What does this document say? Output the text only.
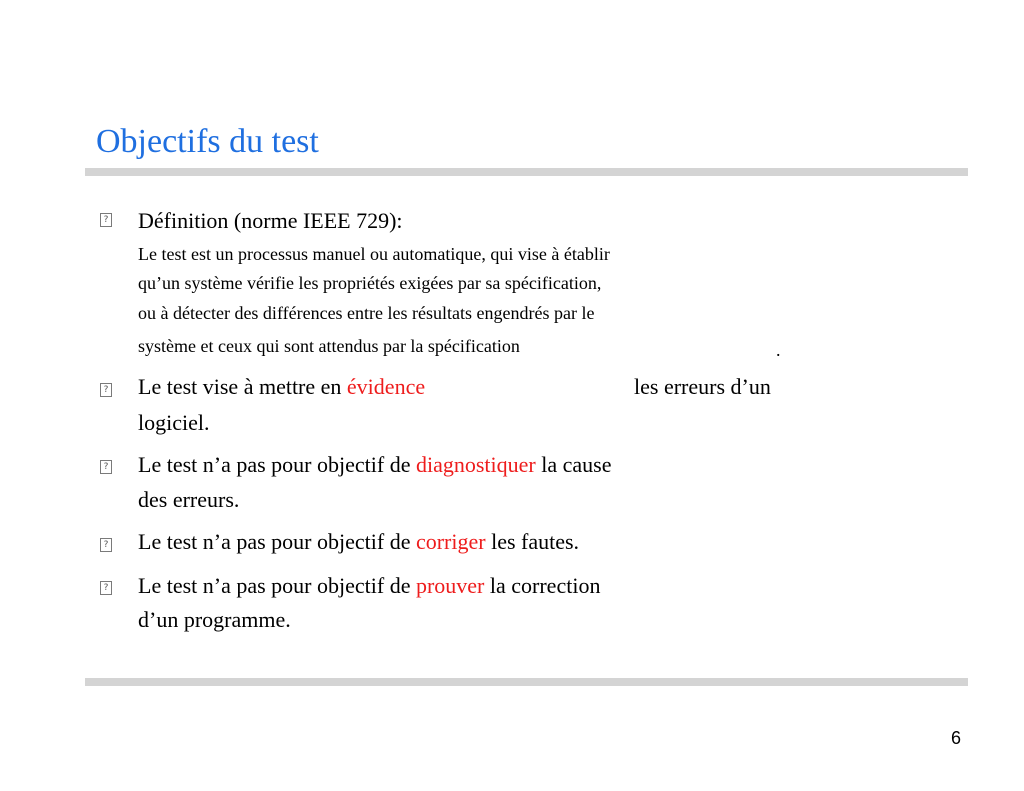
Objectifs du test
? Définition (norme IEEE 729):
Le test est un processus manuel ou automatique, qui vise à établir
qu’un système vérifie les propriétés exigées par sa spécification,
ou à détecter des différences entre les résultats engendrés par le
système et ceux qui sont attendus par la spécification	.
? Le test vise à mettre en évidence	les erreurs d’un
logiciel.
? Le test n’a pas pour objectif de diagnostiquer la cause
des erreurs.
? Le test n’a pas pour objectif de corriger les fautes.
? Le test n’a pas pour objectif de prouver la correction
d’un programme.
6
